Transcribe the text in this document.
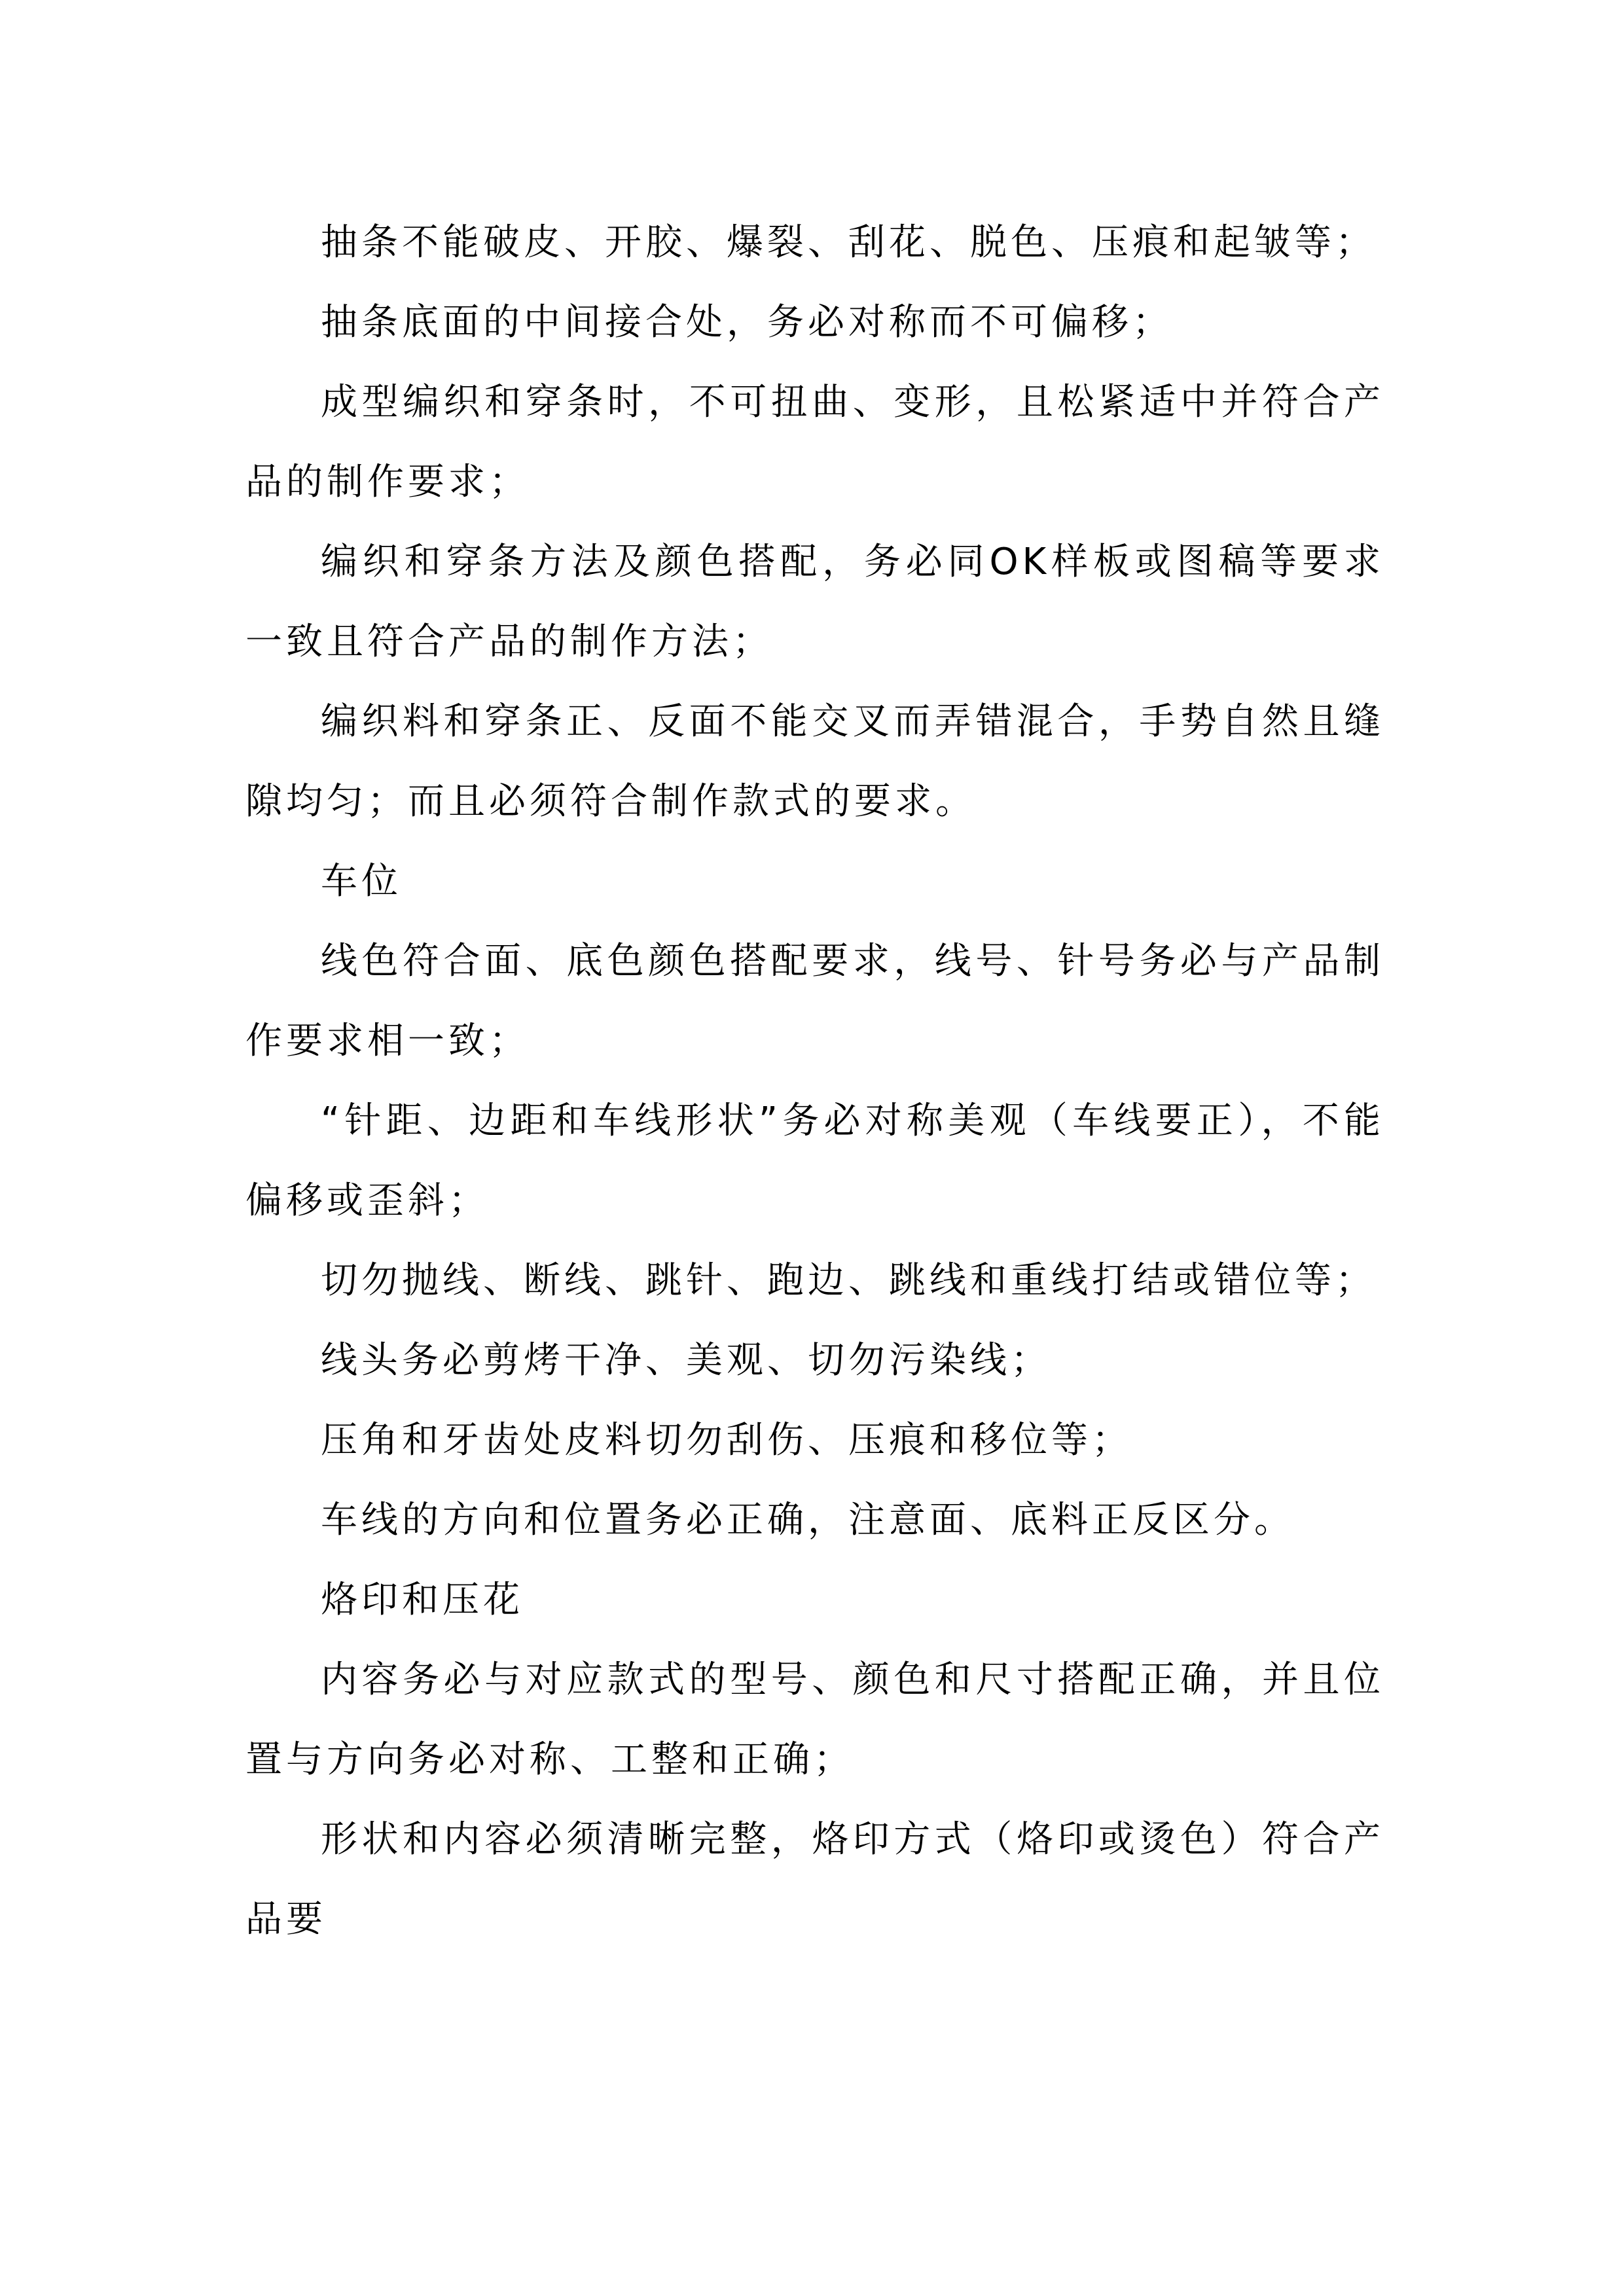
抽条不能破皮、开胶、爆裂、刮花、脱色、压痕和起皱等；

抽条底面的中间接合处，务必对称而不可偏移；

成型编织和穿条时，不可扭曲、变形，且松紧适中并符合产品的制作要求；

编织和穿条方法及颜色搭配，务必同OK样板或图稿等要求一致且符合产品的制作方法；

编织料和穿条正、反面不能交叉而弄错混合，手势自然且缝隙均匀；而且必须符合制作款式的要求。

车位

线色符合面、底色颜色搭配要求，线号、针号务必与产品制作要求相一致；

“针距、边距和车线形状”务必对称美观（车线要正），不能偏移或歪斜；

切勿抛线、断线、跳针、跑边、跳线和重线打结或错位等；

线头务必剪烤干净、美观、切勿污染线；

压角和牙齿处皮料切勿刮伤、压痕和移位等；

车线的方向和位置务必正确，注意面、底料正反区分。

烙印和压花

内容务必与对应款式的型号、颜色和尺寸搭配正确，并且位置与方向务必对称、工整和正确；

形状和内容必须清晰完整，烙印方式（烙印或烫色）符合产品要
